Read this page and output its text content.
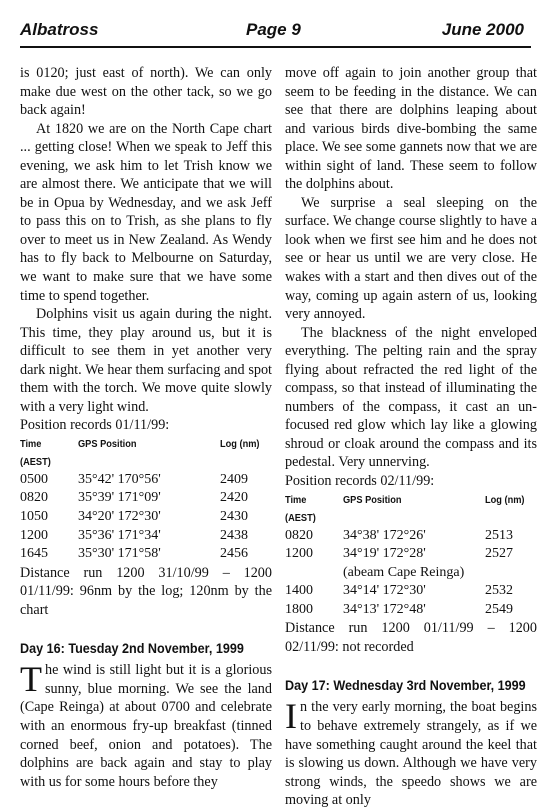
Albatross	Page 9	June 2000

is 0120; just east of north). We can only make due west on the other tack, so we go back again!

At 1820 we are on the North Cape chart ... getting close! When we speak to Jeff this evening, we ask him to let Trish know we are almost there. We anticipate that we will be in Opua by Wednesday, and we ask Jeff to pass this on to Trish, as she plans to fly over to meet us in New Zealand. As Wendy has to fly back to Melbourne on Saturday, we want to make sure that we have some time to spend together.

Dolphins visit us again during the night. This time, they play around us, but it is difficult to see them in yet another very dark night. We hear them surfacing and spot them with the torch. We move quite slowly with a very light wind.

Position records 01/11/99:

Time (AEST)	GPS Position	Log (nm)
0500	35°42' 170°56'	2409
0820	35°39' 171°09'	2420
1050	34°20' 172°30'	2430
1200	35°36' 171°34'	2438
1645	35°30' 171°58'	2456

Distance run 1200 31/10/99 – 1200 01/11/99: 96nm by the log; 120nm by the chart

Day 16: Tuesday 2nd November, 1999

The wind is still light but it is a glorious sunny, blue morning. We see the land (Cape Reinga) at about 0700 and celebrate with an enormous fry-up breakfast (tinned corned beef, onion and potatoes). The dolphins are back again and stay to play with us for some hours before they

move off again to join another group that seem to be feeding in the distance. We can see that there are dolphins leaping about and various birds dive-bombing the same place. We see some gannets now that we are within sight of land. These seem to follow the dolphins about.

We surprise a seal sleeping on the surface. We change course slightly to have a look when we first see him and he does not see or hear us until we are very close. He wakes with a start and then dives out of the way, coming up again astern of us, looking very annoyed.

The blackness of the night enveloped everything. The pelting rain and the spray flying about refracted the red light of the compass, so that instead of illuminating the numbers of the compass, it cast an un-focused red glow which lay like a glowing shroud or cloak around the compass and its pedestal. Very unnerving.

Position records 02/11/99:

Time (AEST)	GPS Position	Log (nm)
0820	34°38' 172°26'	2513
1200	34°19' 172°28'	2527
	(abeam Cape Reinga)	
1400	34°14' 172°30'	2532
1800	34°13' 172°48'	2549

Distance run 1200 01/11/99 – 1200 02/11/99: not recorded

Day 17: Wednesday 3rd November, 1999

In the very early morning, the boat begins to behave extremely strangely, as if we have something caught around the keel that is slowing us down. Although we have very strong winds, the speedo shows we are moving at only
